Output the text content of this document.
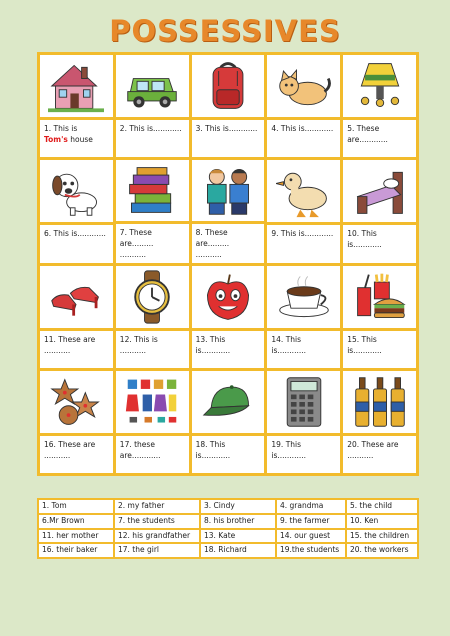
POSSESSIVES
1. This is
Tom's house
2. This is............	3. This is............	4. This is............	5. These
are............
6. This is............	7. These are.........
...........
8. These are.........
...........
9. This is............	10. This is............
11. These are
...........
12. This is
...........
13. This is............
14. This
is............
15. This is............
16. These are
...........
17. these
are............
18. This is............
19. This
is............
20. These are
...........
1. Tom	2. my father	3. Cindy	4. grandma	5. the child
6.Mr Brown	7. the students	8. his brother	9. the farmer	10. Ken
11. her mother	12. his grandfather	13. Kate	14. our guest	15. the children
16. their baker	17. the girl	18. Richard	19.the students	20. the workers
